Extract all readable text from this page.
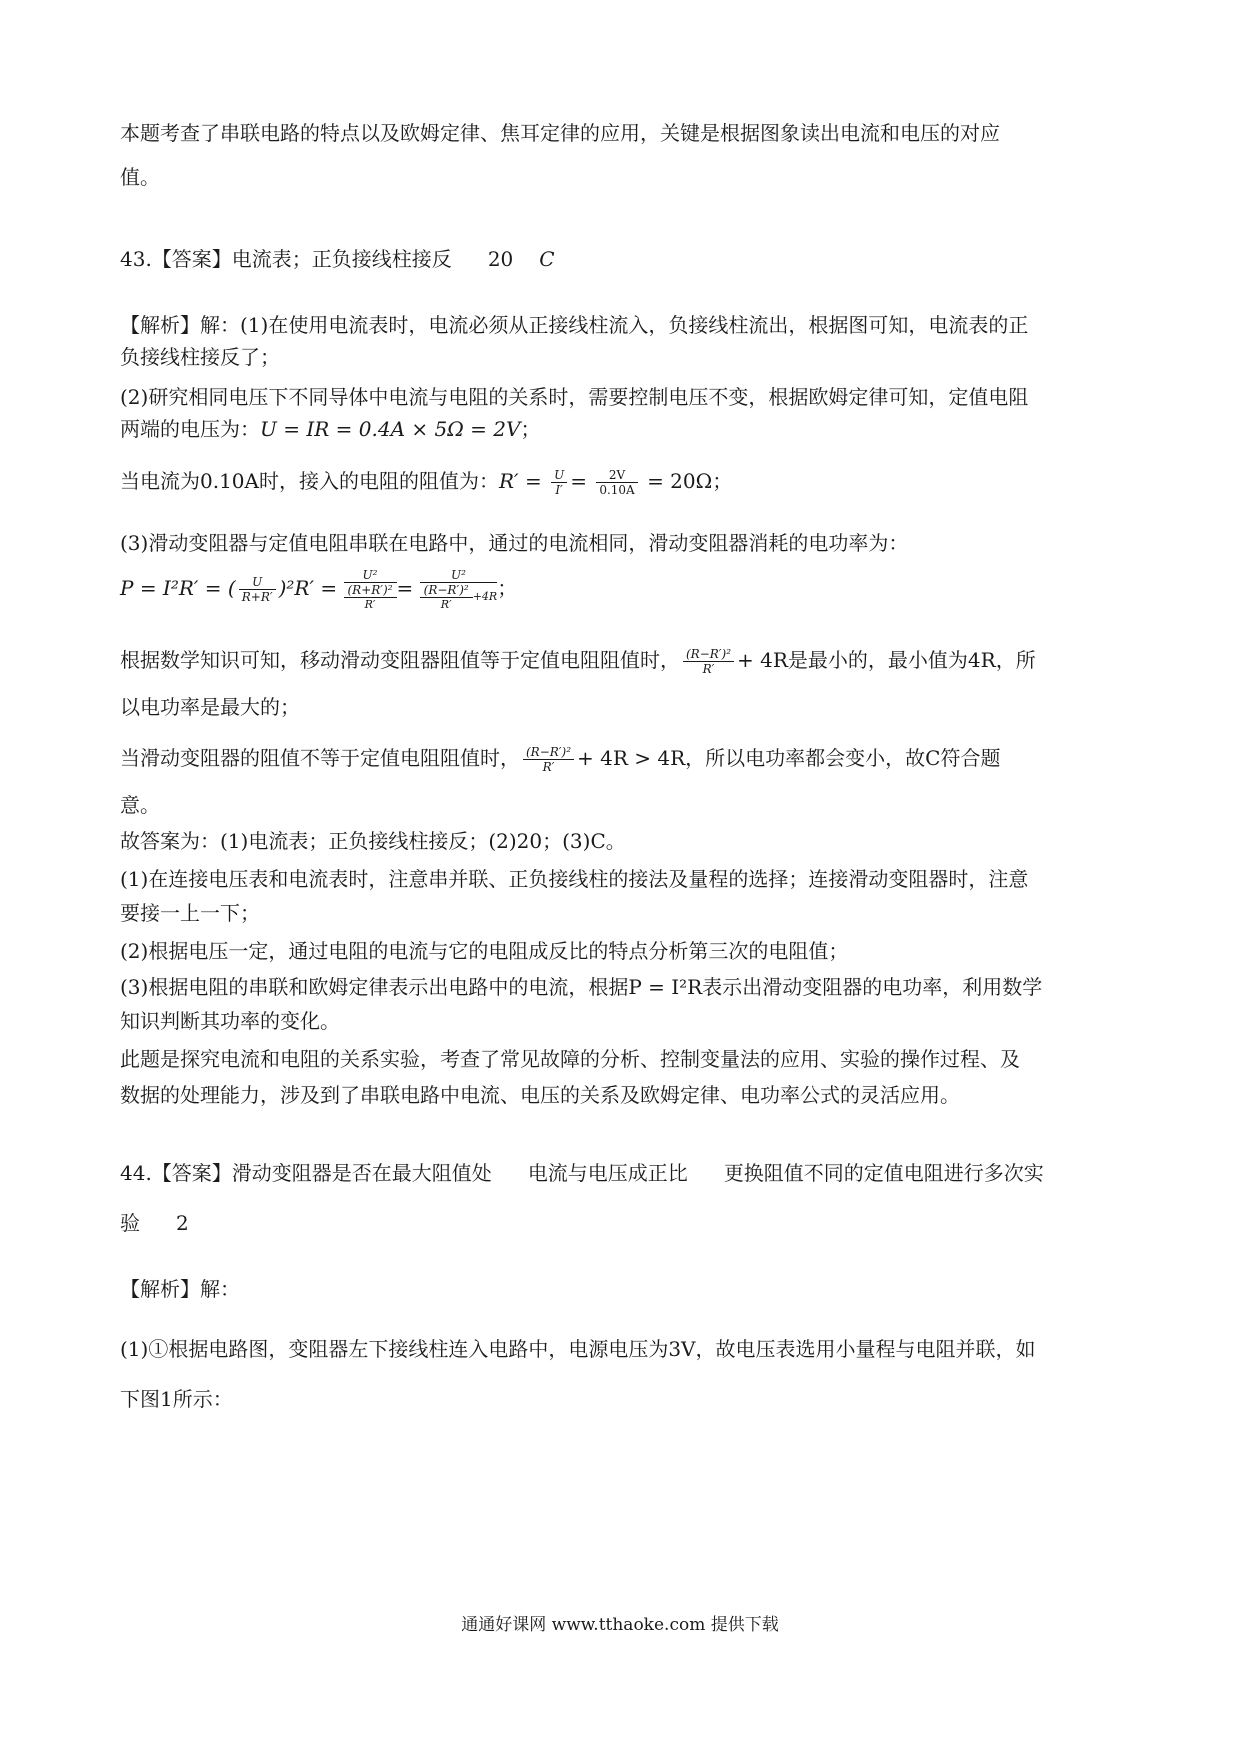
本题考查了串联电路的特点以及欧姆定律、焦耳定律的应用，关键是根据图象读出电流和电压的对应
值。
43.【答案】电流表；正负接线柱接反 20 C
【解析】解：(1)在使用电流表时，电流必须从正接线柱流入，负接线柱流出，根据图可知，电流表的正
负接线柱接反了；
(2)研究相同电压下不同导体中电流与电阻的关系时，需要控制电压不变，根据欧姆定律可知，定值电阻
两端的电压为：U = IR = 0.4A × 5Ω = 2V；
当电流为0.10A时，接入的电阻的阻值为：$R' = \frac{U}{I'} = \frac{2V}{0.10A} = 20\Omega$；
(3)滑动变阻器与定值电阻串联在电路中，通过的电流相同，滑动变阻器消耗的电功率为：
P = I²R′ = ( $\frac{U}{R+R'} )^2R' = \frac{\text{U²}}{\frac{\text{(R+R′)²}}{R'}} = \frac{\text{U²}}{\frac{\text{(R−R′)²}}{R'} +4R}$ ；
根据数学知识可知，移动滑动变阻器阻值等于定值电阻阻值时， $\frac{\text{(R−R′)²}}{R'} + 4R$是最小的，最小值为4R，所
以电功率是最大的；
当滑动变阻器的阻值不等于定值电阻阻值时， $\frac{\text{(R−R′)²}}{R'} + 4R > 4R$，所以电功率都会变小，故C符合题
意。
故答案为：(1)电流表；正负接线柱接反；(2)20；(3)C。
(1)在连接电压表和电流表时，注意串并联、正负接线柱的接法及量程的选择；连接滑动变阻器时，注意
要接一上一下；
(2)根据电压一定，通过电阻的电流与它的电阻成反比的特点分析第三次的电阻值；
(3)根据电阻的串联和欧姆定律表示出电路中的电流，根据P = I²R表示出滑动变阻器的电功率，利用数学
知识判断其功率的变化。
此题是探究电流和电阻的关系实验，考查了常见故障的分析、控制变量法的应用、实验的操作过程、及
数据的处理能力，涉及到了串联电路中电流、电压的关系及欧姆定律、电功率公式的灵活应用。
44.【答案】滑动变阻器是否在最大阻值处 电流与电压成正比 更换阻值不同的定值电阻进行多次实
验 2
【解析】解：
(1)①根据电路图，变阻器左下接线柱连入电路中，电源电压为3V，故电压表选用小量程与电阻并联，如
下图1所示：
通通好课网 www.tthaoke.com 提供下载
